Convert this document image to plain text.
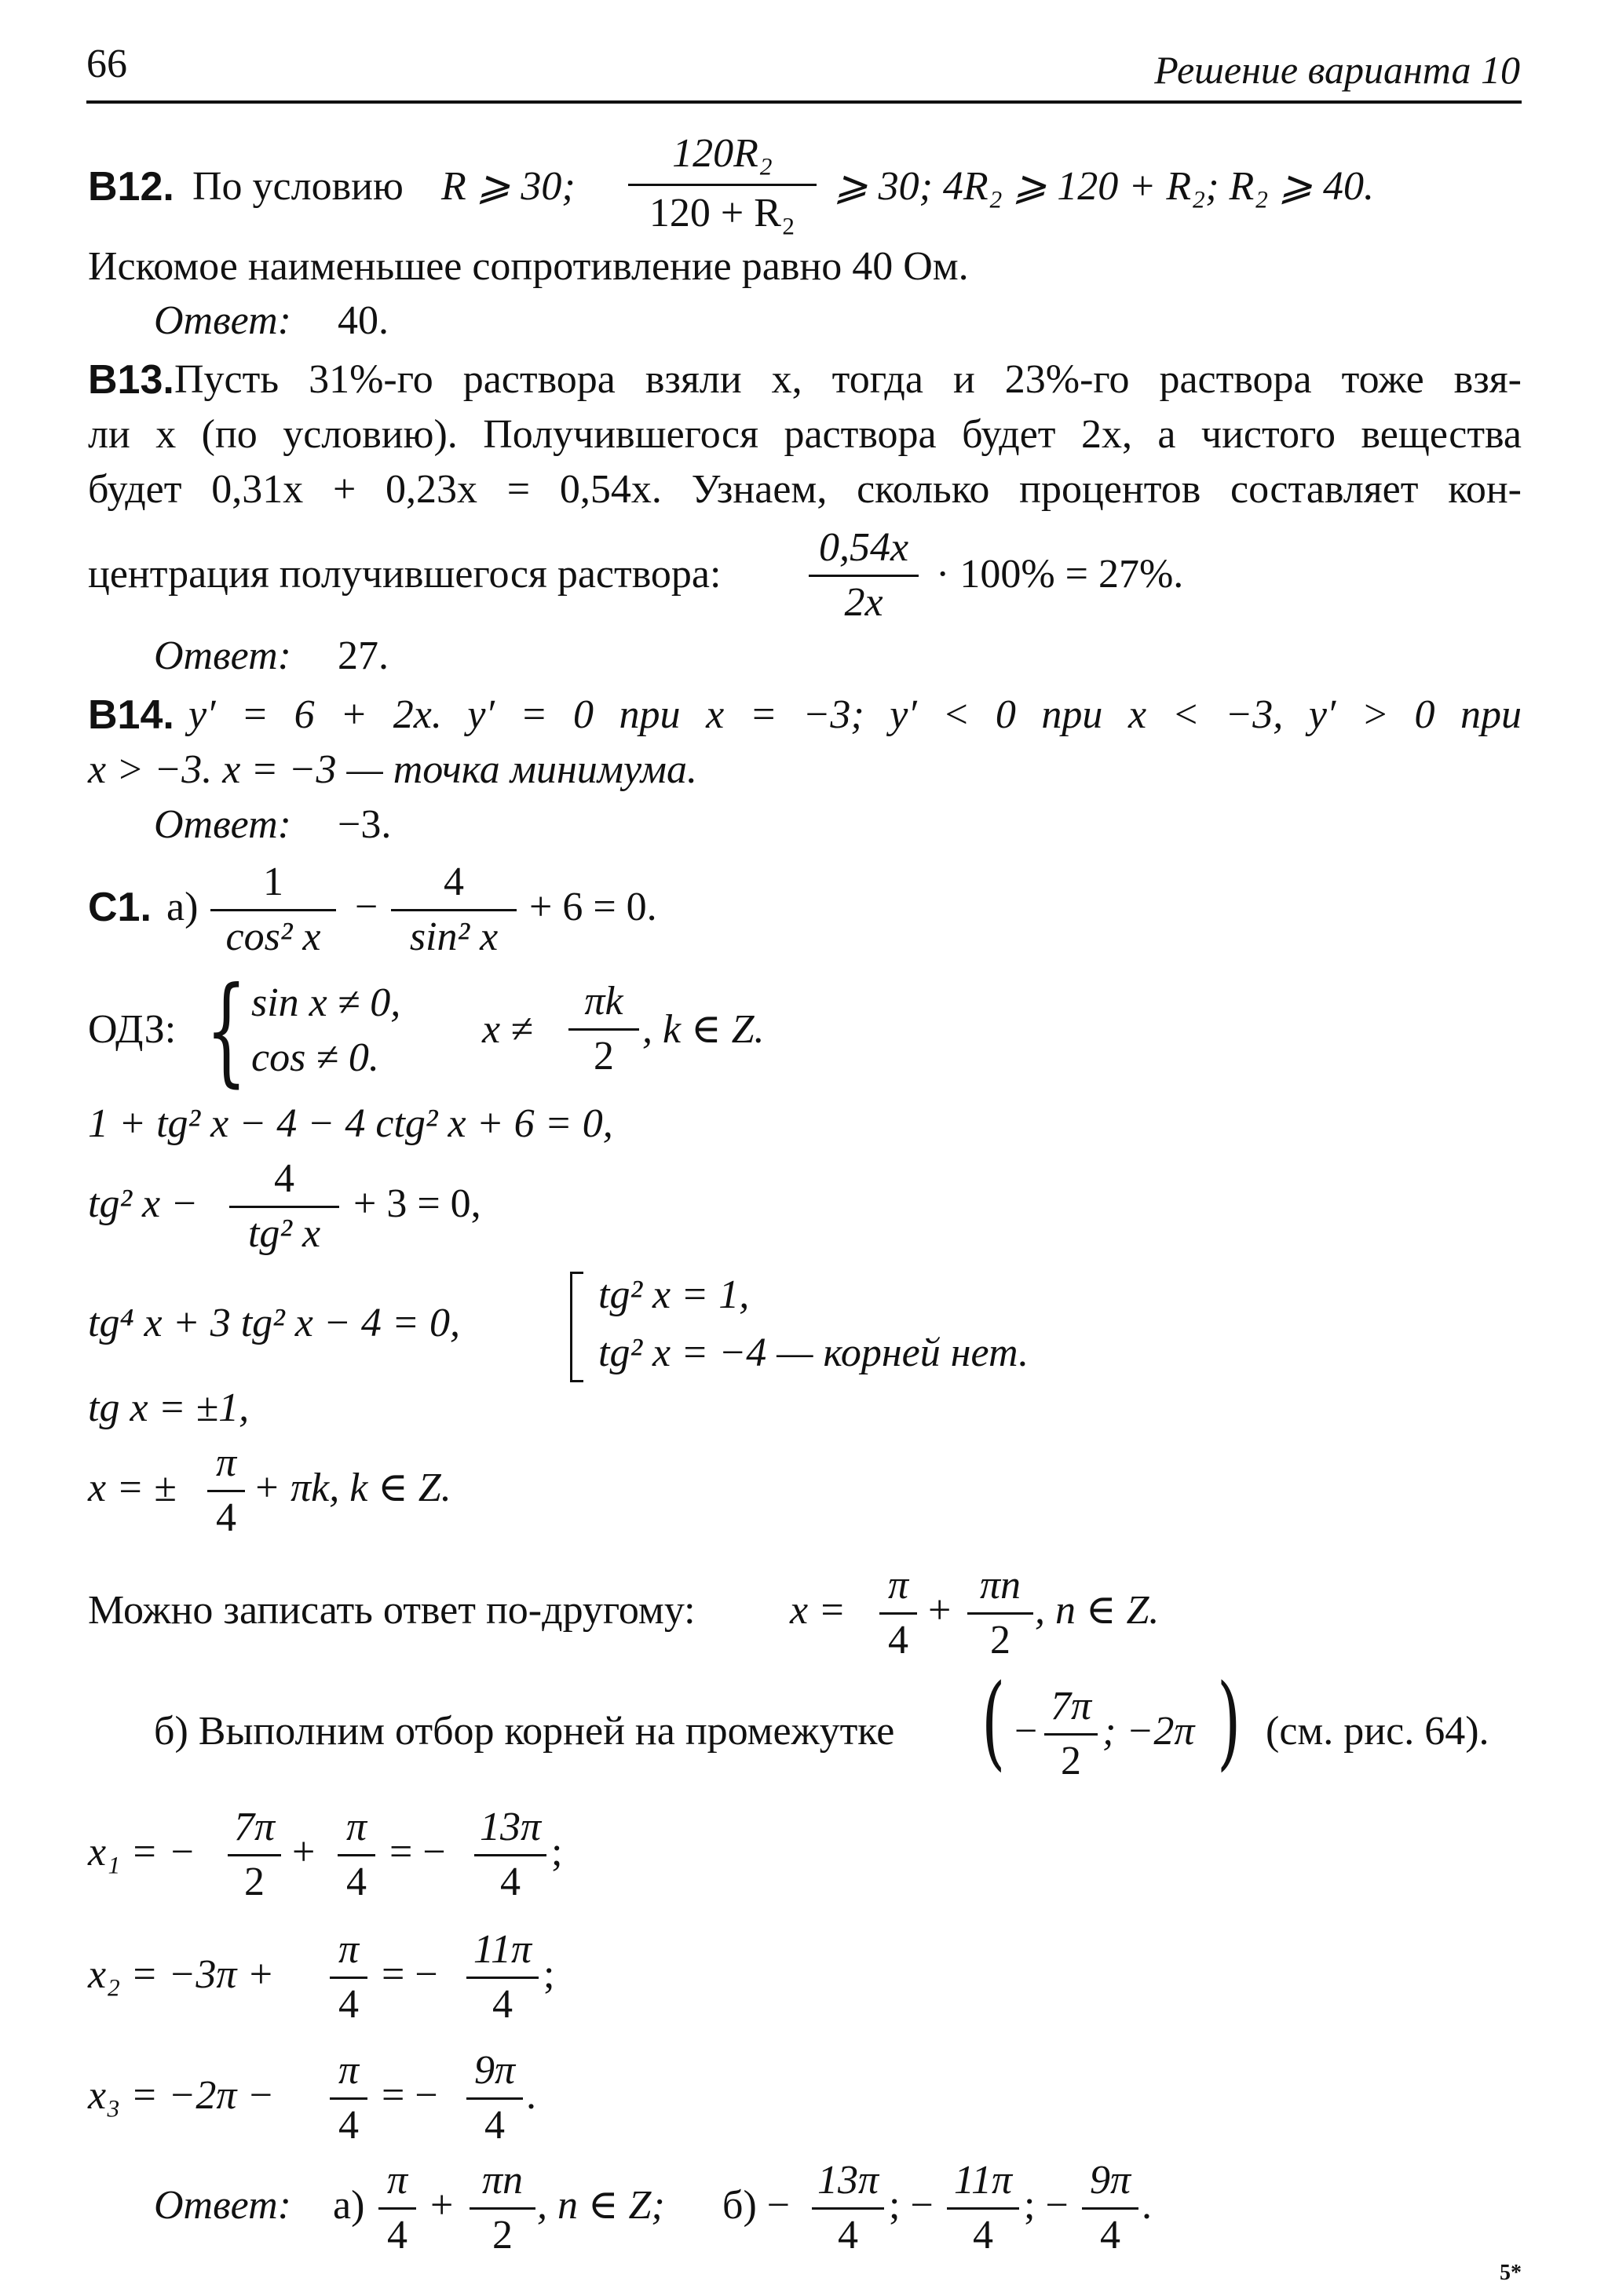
66	Решение варианта 10
B12. По условию R ⩾ 30;
120R₂
120 + R₂
⩾ 30; 4R₂ ⩾ 120 + R₂; R₂ ⩾ 40.
Искомое наименьшее сопротивление равно 40 Ом.
Ответ: 40.
B13. Пусть 31%-го раствора взяли x, тогда и 23%-го раствора тоже взя-
ли x (по условию). Получившегося раствора будет 2x, а чистого вещества
будет 0,31x + 0,23x = 0,54x. Узнаем, сколько процентов составляет кон-
центрация получившегося раствора:
0,54x
2x
· 100% = 27%.
Ответ: 27.
B14. y′ = 6 + 2x. y′ = 0 при x = −3; y′ < 0 при x < −3, y′ > 0 при
x > −3. x = −3 — точка минимума.
Ответ: −3.
C1. а)
1
cos² x
−
4
sin² x
+ 6 = 0.
ОДЗ: { sin x ≠ 0,
cos ≠ 0.
x ≠
πk
2
, k ∈ Z.
1 + tg² x − 4 − 4 ctg² x + 6 = 0,
tg² x −
4
tg² x
+ 3 = 0,
tg⁴ x + 3 tg² x − 4 = 0,
tg² x = 1,
tg² x = −4 — корней нет.
tg x = ±1,
x = ±
π
4
+ πk, k ∈ Z.
Можно записать ответ по-другому: x =
π
4
+
πn
2
, n ∈ Z.
б) Выполним отбор корней на промежутке ( −
7π
2
; −2π ) (см. рис. 64).
x₁ = −
7π
2
+
π
4
= −
13π
4
;
x₂ = −3π +
π
4
= −
11π
4
;
x₃ = −2π −
π
4
= −
9π
4
.
Ответ: а)
π
4
+
πn
2
, n ∈ Z; б) −
13π
4
; −
11π
4
; −
9π
4
.
5*
